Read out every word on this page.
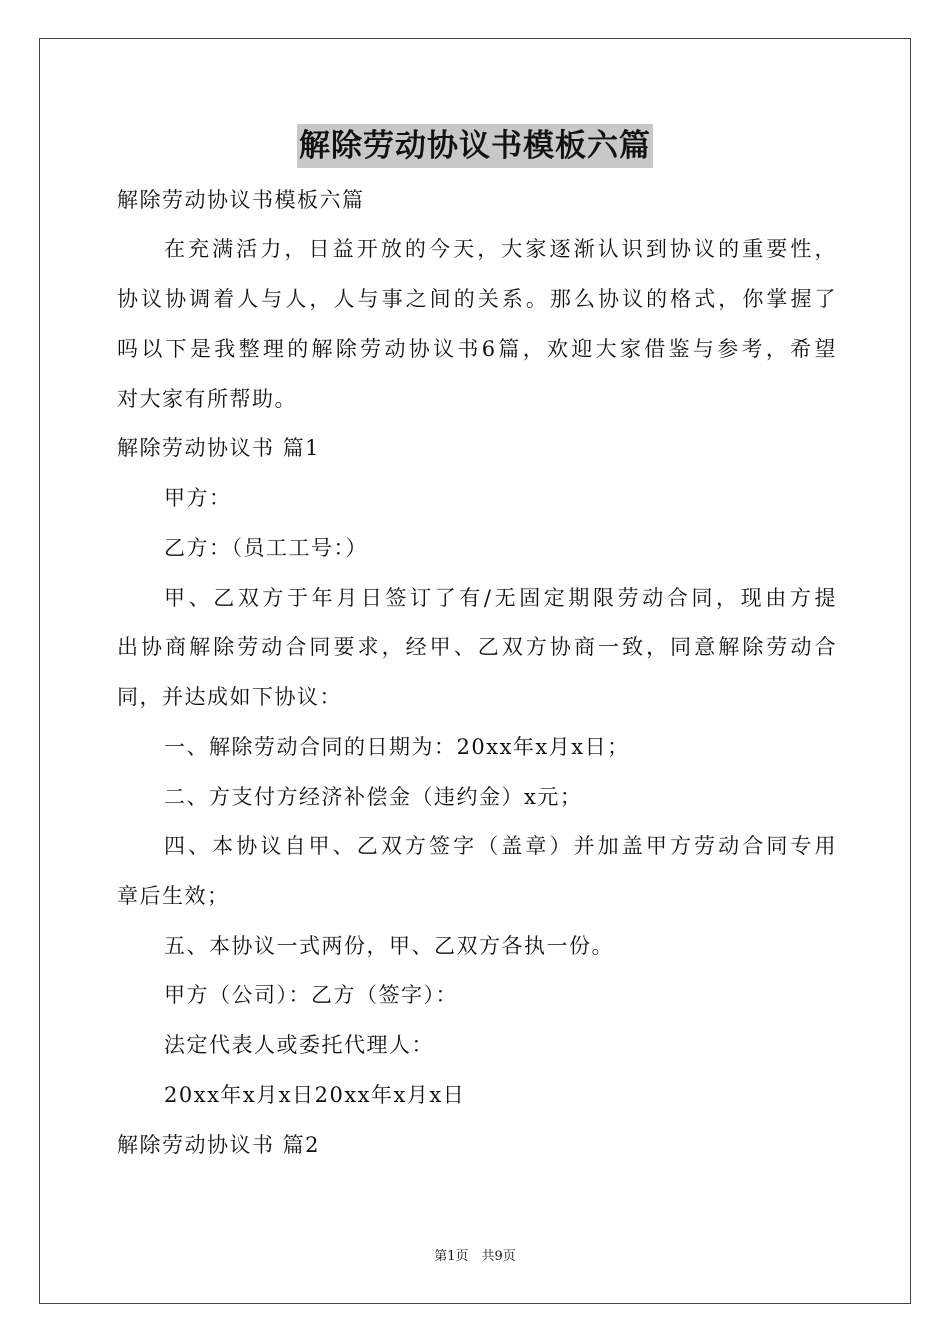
解除劳动协议书模板六篇
解除劳动协议书模板六篇
在充满活力，日益开放的今天，大家逐渐认识到协议的重要性，
协议协调着人与人，人与事之间的关系。那么协议的格式，你掌握了
吗以下是我整理的解除劳动协议书6篇，欢迎大家借鉴与参考，希望
对大家有所帮助。
解除劳动协议书 篇1
甲方：
乙方：（员工工号：）
甲、乙双方于年月日签订了有/无固定期限劳动合同，现由方提
出协商解除劳动合同要求，经甲、乙双方协商一致，同意解除劳动合
同，并达成如下协议：
一、解除劳动合同的日期为：20xx年x月x日；
二、方支付方经济补偿金（违约金）x元；
四、本协议自甲、乙双方签字（盖章）并加盖甲方劳动合同专用
章后生效；
五、本协议一式两份，甲、乙双方各执一份。
甲方（公司）：乙方（签字）：
法定代表人或委托代理人：
20xx年x月x日20xx年x月x日
解除劳动协议书 篇2
第1页　共9页
